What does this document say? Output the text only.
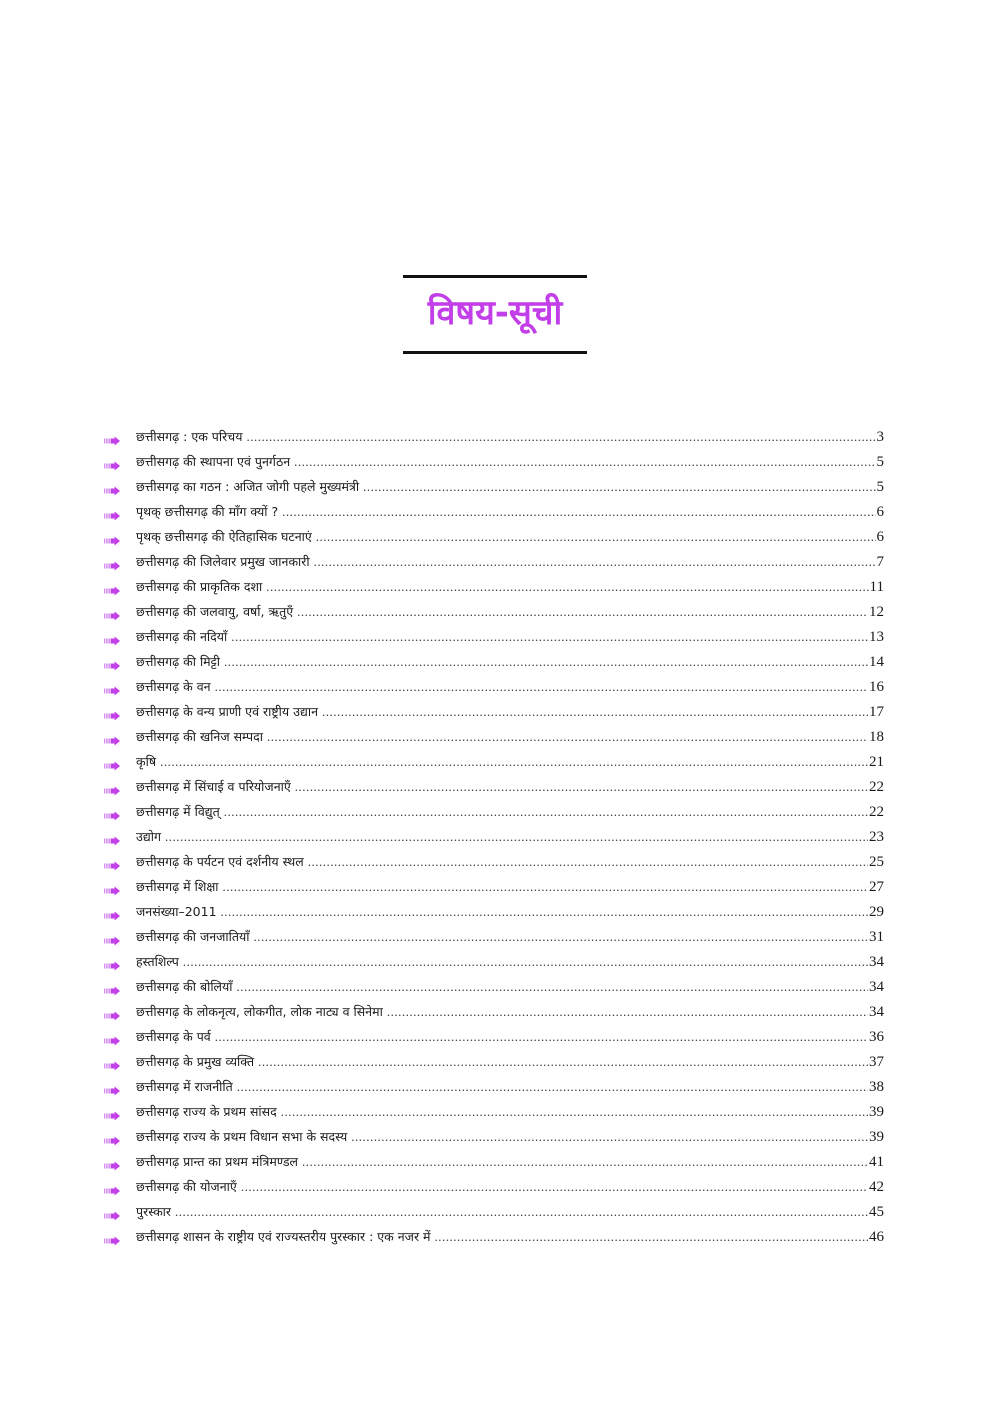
विषय-सूची
छत्तीसगढ़ : एक परिचय .....	3
छत्तीसगढ़ की स्थापना एवं पुनर्गठन .....	5
छत्तीसगढ़ का गठन : अजित जोगी पहले मुख्यमंत्री .....	5
पृथक् छत्तीसगढ़ की माँग क्यों ? .....	6
पृथक् छत्तीसगढ़ की ऐतिहासिक घटनाएं .....	6
छत्तीसगढ़ की जिलेवार प्रमुख जानकारी .....	7
छत्तीसगढ़ की प्राकृतिक दशा .....	11
छत्तीसगढ़ की जलवायु, वर्षा, ऋतुएँ .....	12
छत्तीसगढ़ की नदियाँ .....	13
छत्तीसगढ़ की मिट्टी .....	14
छत्तीसगढ़ के वन .....	16
छत्तीसगढ़ के वन्य प्राणी एवं राष्ट्रीय उद्यान .....	17
छत्तीसगढ़ की खनिज सम्पदा .....	18
कृषि .....	21
छत्तीसगढ़ में सिंचाई व परियोजनाएँ .....	22
छत्तीसगढ़ में विद्युत् .....	22
उद्योग .....	23
छत्तीसगढ़ के पर्यटन एवं दर्शनीय स्थल .....	25
छत्तीसगढ़ में शिक्षा .....	27
जनसंख्या–2011 .....	29
छत्तीसगढ़ की जनजातियाँ .....	31
हस्तशिल्प .....	34
छत्तीसगढ़ की बोलियाँ .....	34
छत्तीसगढ़ के लोकनृत्य, लोकगीत, लोक नाट्य व सिनेमा .....	34
छत्तीसगढ़ के पर्व .....	36
छत्तीसगढ़ के प्रमुख व्यक्ति .....	37
छत्तीसगढ़ में राजनीति .....	38
छत्तीसगढ़ राज्य के प्रथम सांसद .....	39
छत्तीसगढ़ राज्य के प्रथम विधान सभा के सदस्य .....	39
छत्तीसगढ़ प्रान्त का प्रथम मंत्रिमण्डल .....	41
छत्तीसगढ़ की योजनाएँ .....	42
पुरस्कार .....	45
छत्तीसगढ़ शासन के राष्ट्रीय एवं राज्यस्तरीय पुरस्कार : एक नजर में .....	46
